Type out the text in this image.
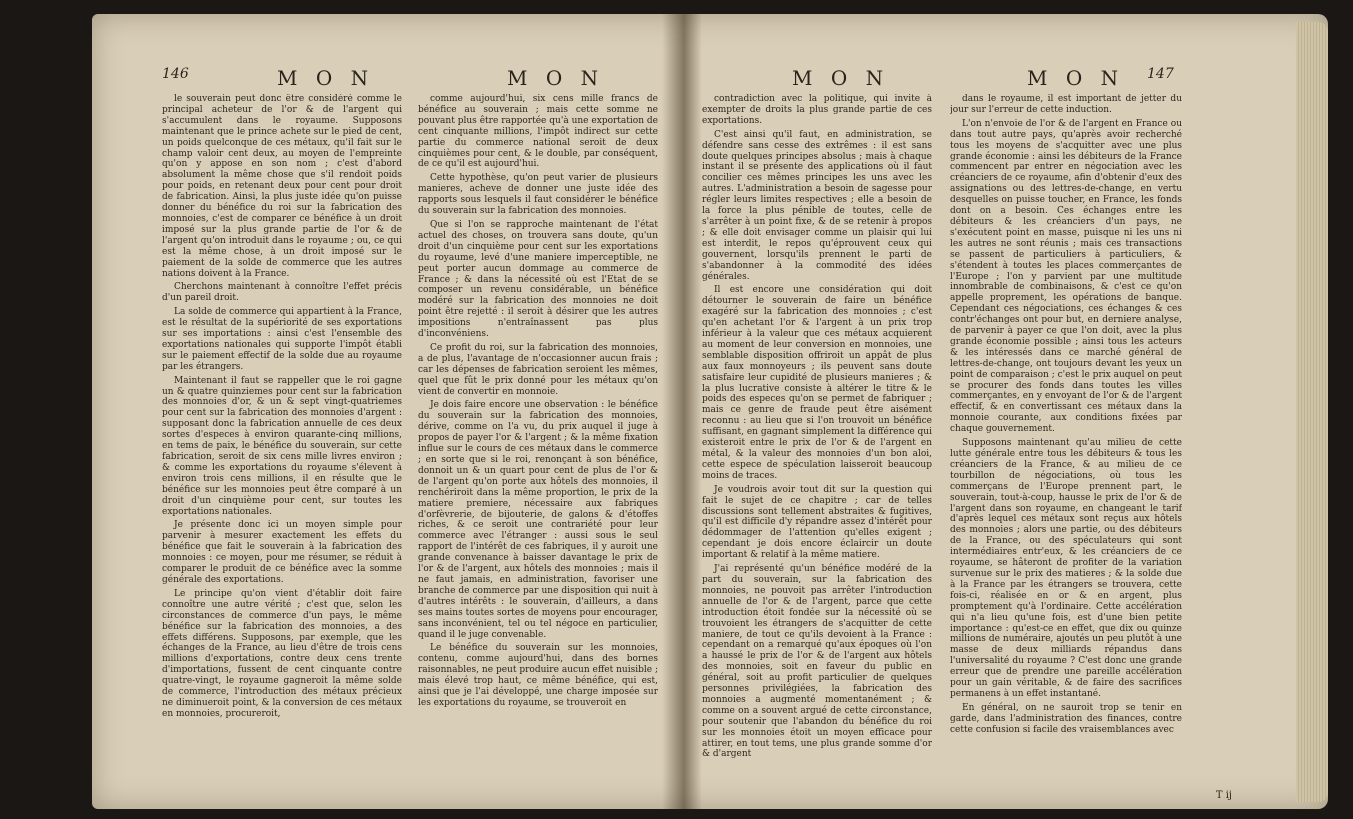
146	M O N	M O N

le souverain peut donc être considéré comme le principal acheteur de l'or & de l'argent qui s'accumulent dans le royaume. Supposons maintenant que le prince achete sur le pied de cent, un poids quelconque de ces métaux, qu'il fait sur le champ valoir cent deux, au moyen de l'empreinte qu'on y appose en son nom ; c'est d'abord absolument la même chose que s'il rendoit poids pour poids, en retenant deux pour cent pour droit de fabrication. Ainsi, la plus juste idée qu'on puisse donner du bénéfice du roi sur la fabrication des monnoies, c'est de comparer ce bénéfice à un droit imposé sur la plus grande partie de l'or & de l'argent qu'on introduit dans le royaume ; ou, ce qui est la même chose, à un droit imposé sur le paiement de la solde de commerce que les autres nations doivent à la France.

Cherchons maintenant à connoître l'effet précis d'un pareil droit.

La solde de commerce qui appartient à la France, est le résultat de la supériorité de ses exportations sur ses importations : ainsi c'est l'ensemble des exportations nationales qui supporte l'impôt établi sur le paiement effectif de la solde due au royaume par les étrangers.

Maintenant il faut se rappeller que le roi gagne un & quatre quinziemes pour cent sur la fabrication des monnoies d'or, & un & sept vingt-quatriemes pour cent sur la fabrication des monnoies d'argent : supposant donc la fabrication annuelle de ces deux sortes d'especes à environ quarante-cinq millions, en tems de paix, le bénéfice du souverain, sur cette fabrication, seroit de six cens mille livres environ ; & comme les exportations du royaume s'élevent à environ trois cens millions, il en résulte que le bénéfice sur les monnoies peut être comparé à un droit d'un cinquième pour cent, sur toutes les exportations nationales.

Je présente donc ici un moyen simple pour parvenir à mesurer exactement les effets du bénéfice que fait le souverain à la fabrication des monnoies : ce moyen, pour me résumer, se réduit à comparer le produit de ce bénéfice avec la somme générale des exportations.

Le principe qu'on vient d'établir doit faire connoître une autre vérité ; c'est que, selon les circonstances de commerce d'un pays, le même bénéfice sur la fabrication des monnoies, a des effets différens. Supposons, par exemple, que les échanges de la France, au lieu d'être de trois cens millions d'exportations, contre deux cens trente d'importations, fussent de cent cinquante contre quatre-vingt, le royaume gagneroit la même solde de commerce, l'introduction des métaux précieux ne diminueroit point, & la conversion de ces métaux en monnoies, procureroit,

comme aujourd'hui, six cens mille francs de bénéfice au souverain ; mais cette somme ne pouvant plus être rapportée qu'à une exportation de cent cinquante millions, l'impôt indirect sur cette partie du commerce national seroit de deux cinquièmes pour cent, & le double, par conséquent, de ce qu'il est aujourd'hui.

Cette hypothèse, qu'on peut varier de plusieurs manieres, acheve de donner une juste idée des rapports sous lesquels il faut considérer le bénéfice du souverain sur la fabrication des monnoies.

Que si l'on se rapproche maintenant de l'état actuel des choses, on trouvera sans doute, qu'un droit d'un cinquième pour cent sur les exportations du royaume, levé d'une maniere imperceptible, ne peut porter aucun dommage au commerce de France ; & dans la nécessité où est l'Etat de se composer un revenu considérable, un bénéfice modéré sur la fabrication des monnoies ne doit point être rejetté : il seroit à désirer que les autres impositions n'entraînassent pas plus d'inconvéniens.

Ce profit du roi, sur la fabrication des monnoies, a de plus, l'avantage de n'occasionner aucun frais ; car les dépenses de fabrication seroient les mêmes, quel que fût le prix donné pour les métaux qu'on vient de convertir en monnoie.

Je dois faire encore une observation : le bénéfice du souverain sur la fabrication des monnoies, dérive, comme on l'a vu, du prix auquel il juge à propos de payer l'or & l'argent ; & la même fixation influe sur le cours de ces métaux dans le commerce ; en sorte que si le roi, renonçant à son bénéfice, donnoit un & un quart pour cent de plus de l'or & de l'argent qu'on porte aux hôtels des monnoies, il renchériroit dans la même proportion, le prix de la matiere premiere, nécessaire aux fabriques d'orfèvrerie, de bijouterie, de galons & d'étoffes riches, & ce seroit une contrariété pour leur commerce avec l'étranger : aussi sous le seul rapport de l'intérêt de ces fabriques, il y auroit une grande convenance à baisser davantage le prix de l'or & de l'argent, aux hôtels des monnoies ; mais il ne faut jamais, en administration, favoriser une branche de commerce par une disposition qui nuit à d'autres intérêts : le souverain, d'ailleurs, a dans ses mains toutes sortes de moyens pour encourager, sans inconvénient, tel ou tel négoce en particulier, quand il le juge convenable.

Le bénéfice du souverain sur les monnoies, contenu, comme aujourd'hui, dans des bornes raisonnables, ne peut produire aucun effet nuisible ; mais élevé trop haut, ce même bénéfice, qui est, ainsi que je l'ai développé, une charge imposée sur les exportations du royaume, se trouveroit en

M O N	M O N 147

contradiction avec la politique, qui invite à exempter de droits la plus grande partie de ces exportations.

C'est ainsi qu'il faut, en administration, se défendre sans cesse des extrêmes : il est sans doute quelques principes absolus ; mais à chaque instant il se présente des applications où il faut concilier ces mêmes principes les uns avec les autres. L'administration a besoin de sagesse pour régler leurs limites respectives ; elle a besoin de la force la plus pénible de toutes, celle de s'arrêter à un point fixe, & de se retenir à propos ; & elle doit envisager comme un plaisir qui lui est interdit, le repos qu'éprouvent ceux qui gouvernent, lorsqu'ils prennent le parti de s'abandonner à la commodité des idées générales.

Il est encore une considération qui doit détourner le souverain de faire un bénéfice exagéré sur la fabrication des monnoies ; c'est qu'en achetant l'or & l'argent à un prix trop inférieur à la valeur que ces métaux acquierent au moment de leur conversion en monnoies, une semblable disposition offriroit un appât de plus aux faux monnoyeurs ; ils peuvent sans doute satisfaire leur cupidité de plusieurs manieres ; & la plus lucrative consiste à altérer le titre & le poids des especes qu'on se permet de fabriquer ; mais ce genre de fraude peut être aisément reconnu : au lieu que si l'on trouvoit un bénéfice suffisant, en gagnant simplement la différence qui existeroit entre le prix de l'or & de l'argent en métal, & la valeur des monnoies d'un bon aloi, cette espece de spéculation laisseroit beaucoup moins de traces.

Je voudrois avoir tout dit sur la question qui fait le sujet de ce chapitre ; car de telles discussions sont tellement abstraites & fugitives, qu'il est difficile d'y répandre assez d'intérêt pour dédommager de l'attention qu'elles exigent ; cependant je dois encore éclaircir un doute important & relatif à la même matiere.

J'ai représenté qu'un bénéfice modéré de la part du souverain, sur la fabrication des monnoies, ne pouvoit pas arrêter l'introduction annuelle de l'or & de l'argent, parce que cette introduction étoit fondée sur la nécessité où se trouvoient les étrangers de s'acquitter de cette maniere, de tout ce qu'ils devoient à la France : cependant on a remarqué qu'aux époques où l'on a haussé le prix de l'or & de l'argent aux hôtels des monnoies, soit en faveur du public en général, soit au profit particulier de quelques personnes privilégiées, la fabrication des monnoies a augmenté momentanément ; & comme on a souvent argué de cette circonstance, pour soutenir que l'abandon du bénéfice du roi sur les monnoies étoit un moyen efficace pour attirer, en tout tems, une plus grande somme d'or & d'argent

dans le royaume, il est important de jetter du jour sur l'erreur de cette induction.

L'on n'envoie de l'or & de l'argent en France ou dans tout autre pays, qu'après avoir recherché tous les moyens de s'acquitter avec une plus grande économie : ainsi les débiteurs de la France commencent par entrer en négociation avec les créanciers de ce royaume, afin d'obtenir d'eux des assignations ou des lettres-de-change, en vertu desquelles on puisse toucher, en France, les fonds dont on a besoin. Ces échanges entre les débiteurs & les créanciers d'un pays, ne s'exécutent point en masse, puisque ni les uns ni les autres ne sont réunis ; mais ces transactions se passent de particuliers à particuliers, & s'étendent à toutes les places commerçantes de l'Europe ; l'on y parvient par une multitude innombrable de combinaisons, & c'est ce qu'on appelle proprement, les opérations de banque. Cependant ces négociations, ces échanges & ces contr'échanges ont pour but, en derniere analyse, de parvenir à payer ce que l'on doit, avec la plus grande économie possible ; ainsi tous les acteurs & les intéressés dans ce marché général de lettres-de-change, ont toujours devant les yeux un point de comparaison ; c'est le prix auquel on peut se procurer des fonds dans toutes les villes commerçantes, en y envoyant de l'or & de l'argent effectif, & en convertissant ces métaux dans la monnoie courante, aux conditions fixées par chaque gouvernement.

Supposons maintenant qu'au milieu de cette lutte générale entre tous les débiteurs & tous les créanciers de la France, & au milieu de ce tourbillon de négociations, où tous les commerçans de l'Europe prennent part, le souverain, tout-à-coup, hausse le prix de l'or & de l'argent dans son royaume, en changeant le tarif d'après lequel ces métaux sont reçus aux hôtels des monnoies ; alors une partie, ou des débiteurs de la France, ou des spéculateurs qui sont intermédiaires entr'eux, & les créanciers de ce royaume, se hâteront de profiter de la variation survenue sur le prix des matieres ; & la solde due à la France par les étrangers se trouvera, cette fois-ci, réalisée en or & en argent, plus promptement qu'à l'ordinaire. Cette accélération qui n'a lieu qu'une fois, est d'une bien petite importance : qu'est-ce en effet, que dix ou quinze millions de numéraire, ajoutés un peu plutôt à une masse de deux milliards répandus dans l'universalité du royaume ? C'est donc une grande erreur que de prendre une pareille accélération pour un gain véritable, & de faire des sacrifices permanens à un effet instantané.

En général, on ne sauroit trop se tenir en garde, dans l'administration des finances, contre cette confusion si facile des vraisemblances avec

T ij
